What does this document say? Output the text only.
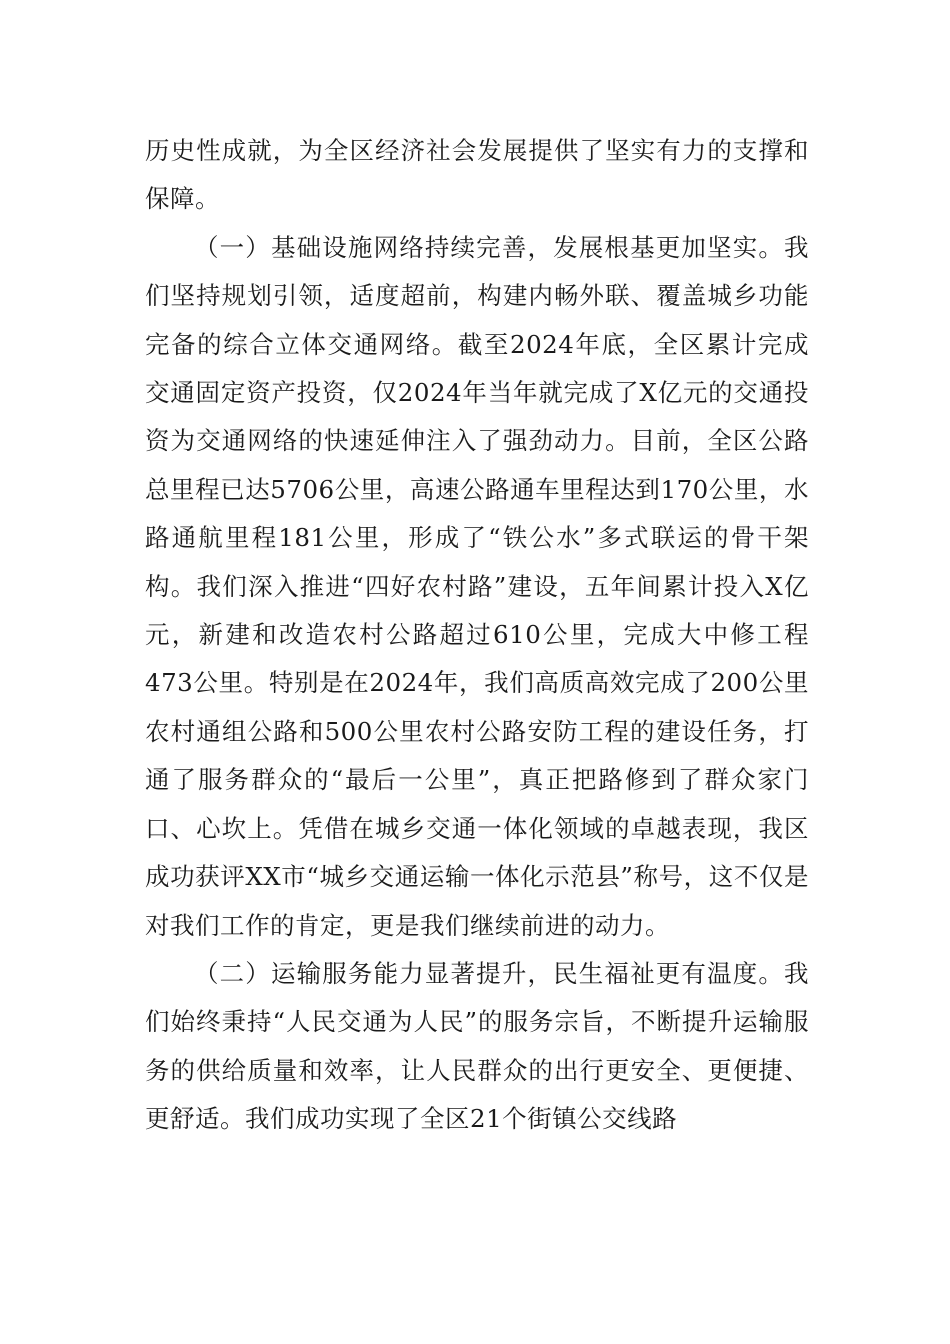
历史性成就，为全区经济社会发展提供了坚实有力的支撑和保障。

（一）基础设施网络持续完善，发展根基更加坚实。我们坚持规划引领，适度超前，构建内畅外联、覆盖城乡功能完备的综合立体交通网络。截至2024年底，全区累计完成交通固定资产投资，仅2024年当年就完成了X亿元的交通投资为交通网络的快速延伸注入了强劲动力。目前，全区公路总里程已达5706公里，高速公路通车里程达到170公里，水路通航里程181公里，形成了“铁公水”多式联运的骨干架构。我们深入推进“四好农村路”建设，五年间累计投入X亿元，新建和改造农村公路超过610公里，完成大中修工程473公里。特别是在2024年，我们高质高效完成了200公里农村通组公路和500公里农村公路安防工程的建设任务，打通了服务群众的“最后一公里”，真正把路修到了群众家门口、心坎上。凭借在城乡交通一体化领域的卓越表现，我区成功获评XX市“城乡交通运输一体化示范县”称号，这不仅是对我们工作的肯定，更是我们继续前进的动力。

（二）运输服务能力显著提升，民生福祉更有温度。我们始终秉持“人民交通为人民”的服务宗旨，不断提升运输服务的供给质量和效率，让人民群众的出行更安全、更便捷、更舒适。我们成功实现了全区21个街镇公交线路
